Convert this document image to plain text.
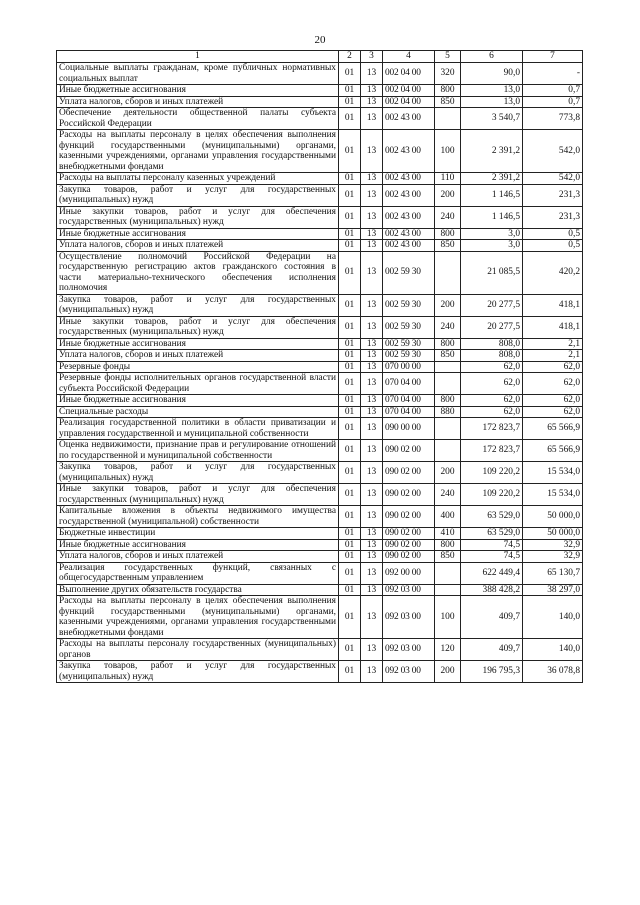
20
1	2	3	4	5	6	7
Социальные выплаты гражданам, кроме публичных нормативных социальных выплат	01	13	002 04 00	320	90,0	-
Иные бюджетные ассигнования	01	13	002 04 00	800	13,0	0,7
Уплата налогов, сборов и иных платежей	01	13	002 04 00	850	13,0	0,7
Обеспечение деятельности общественной палаты субъекта Российской Федерации	01	13	002 43 00		3 540,7	773,8
Расходы на выплаты персоналу в целях обеспечения выполнения функций государственными (муниципальными) органами, казенными учреждениями, органами управления государственными внебюджетными фондами	01	13	002 43 00	100	2 391,2	542,0
Расходы на выплаты персоналу казенных учреждений	01	13	002 43 00	110	2 391,2	542,0
Закупка товаров, работ и услуг для государственных (муниципальных) нужд	01	13	002 43 00	200	1 146,5	231,3
Иные закупки товаров, работ и услуг для обеспечения государственных (муниципальных) нужд	01	13	002 43 00	240	1 146,5	231,3
Иные бюджетные ассигнования	01	13	002 43 00	800	3,0	0,5
Уплата налогов, сборов и иных платежей	01	13	002 43 00	850	3,0	0,5
Осуществление полномочий Российской Федерации на государственную регистрацию актов гражданского состояния в части материально-технического обеспечения исполнения полномочия	01	13	002 59 30		21 085,5	420,2
Закупка товаров, работ и услуг для государственных (муниципальных) нужд	01	13	002 59 30	200	20 277,5	418,1
Иные закупки товаров, работ и услуг для обеспечения государственных (муниципальных) нужд	01	13	002 59 30	240	20 277,5	418,1
Иные бюджетные ассигнования	01	13	002 59 30	800	808,0	2,1
Уплата налогов, сборов и иных платежей	01	13	002 59 30	850	808,0	2,1
Резервные фонды	01	13	070 00 00		62,0	62,0
Резервные фонды исполнительных органов государственной власти субъекта Российской Федерации	01	13	070 04 00		62,0	62,0
Иные бюджетные ассигнования	01	13	070 04 00	800	62,0	62,0
Специальные расходы	01	13	070 04 00	880	62,0	62,0
Реализация государственной политики в области приватизации и управления государственной и муниципальной собственности	01	13	090 00 00		172 823,7	65 566,9
Оценка недвижимости, признание прав и регулирование отношений по государственной и муниципальной собственности	01	13	090 02 00		172 823,7	65 566,9
Закупка товаров, работ и услуг для государственных (муниципальных) нужд	01	13	090 02 00	200	109 220,2	15 534,0
Иные закупки товаров, работ и услуг для обеспечения государственных (муниципальных) нужд	01	13	090 02 00	240	109 220,2	15 534,0
Капитальные вложения в объекты недвижимого имущества государственной (муниципальной) собственности	01	13	090 02 00	400	63 529,0	50 000,0
Бюджетные инвестиции	01	13	090 02 00	410	63 529,0	50 000,0
Иные бюджетные ассигнования	01	13	090 02 00	800	74,5	32,9
Уплата налогов, сборов и иных платежей	01	13	090 02 00	850	74,5	32,9
Реализация государственных функций, связанных с общегосударственным управлением	01	13	092 00 00		622 449,4	65 130,7
Выполнение других обязательств государства	01	13	092 03 00		388 428,2	38 297,0
Расходы на выплаты персоналу в целях обеспечения выполнения функций государственными (муниципальными) органами, казенными учреждениями, органами управления государственными внебюджетными фондами	01	13	092 03 00	100	409,7	140,0
Расходы на выплаты персоналу государственных (муниципальных) органов	01	13	092 03 00	120	409,7	140,0
Закупка товаров, работ и услуг для государственных (муниципальных) нужд	01	13	092 03 00	200	196 795,3	36 078,8
